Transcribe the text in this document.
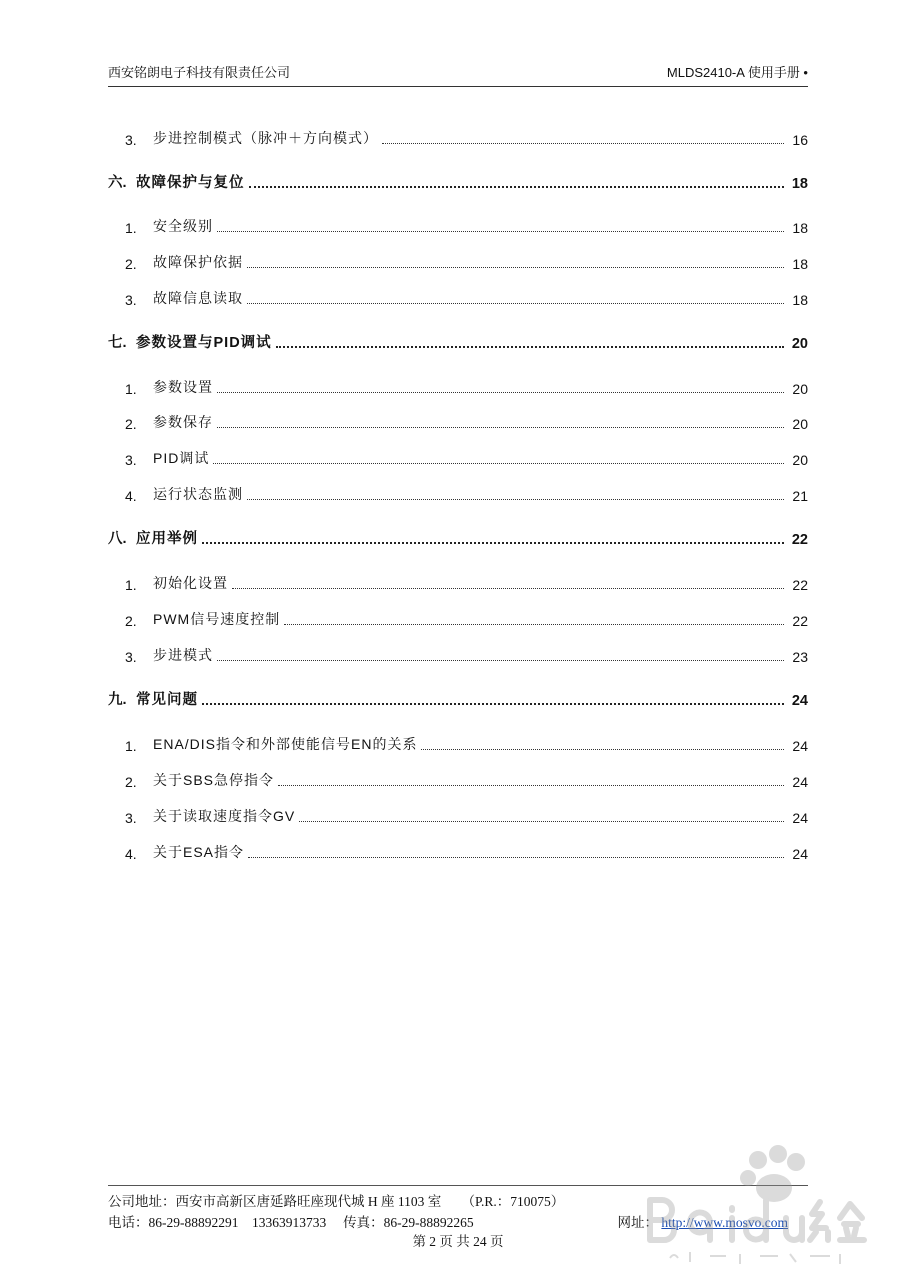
西安铭朗电子科技有限责任公司	MLDS2410-A 使用手册 •
3.	步进控制模式（脉冲＋方向模式）	16
六. 故障保护与复位	18
1.	安全级别	18
2.	故障保护依据	18
3.	故障信息读取	18
七. 参数设置与PID调试	20
1.	参数设置	20
2.	参数保存	20
3.	PID调试	20
4.	运行状态监测	21
八. 应用举例	22
1.	初始化设置	22
2.	PWM信号速度控制	22
3.	步进模式	23
九. 常见问题	24
1.	ENA/DIS指令和外部使能信号EN的关系	24
2.	关于SBS急停指令	24
3.	关于读取速度指令GV	24
4.	关于ESA指令	24
公司地址：西安市高新区唐延路旺座现代城 H 座 1103 室　　（P.R.：710075）
电话：86-29-88892291　13363913733　 传真：86-29-88892265	网址： http://www.mosvo.com
第 2 页 共 24 页
